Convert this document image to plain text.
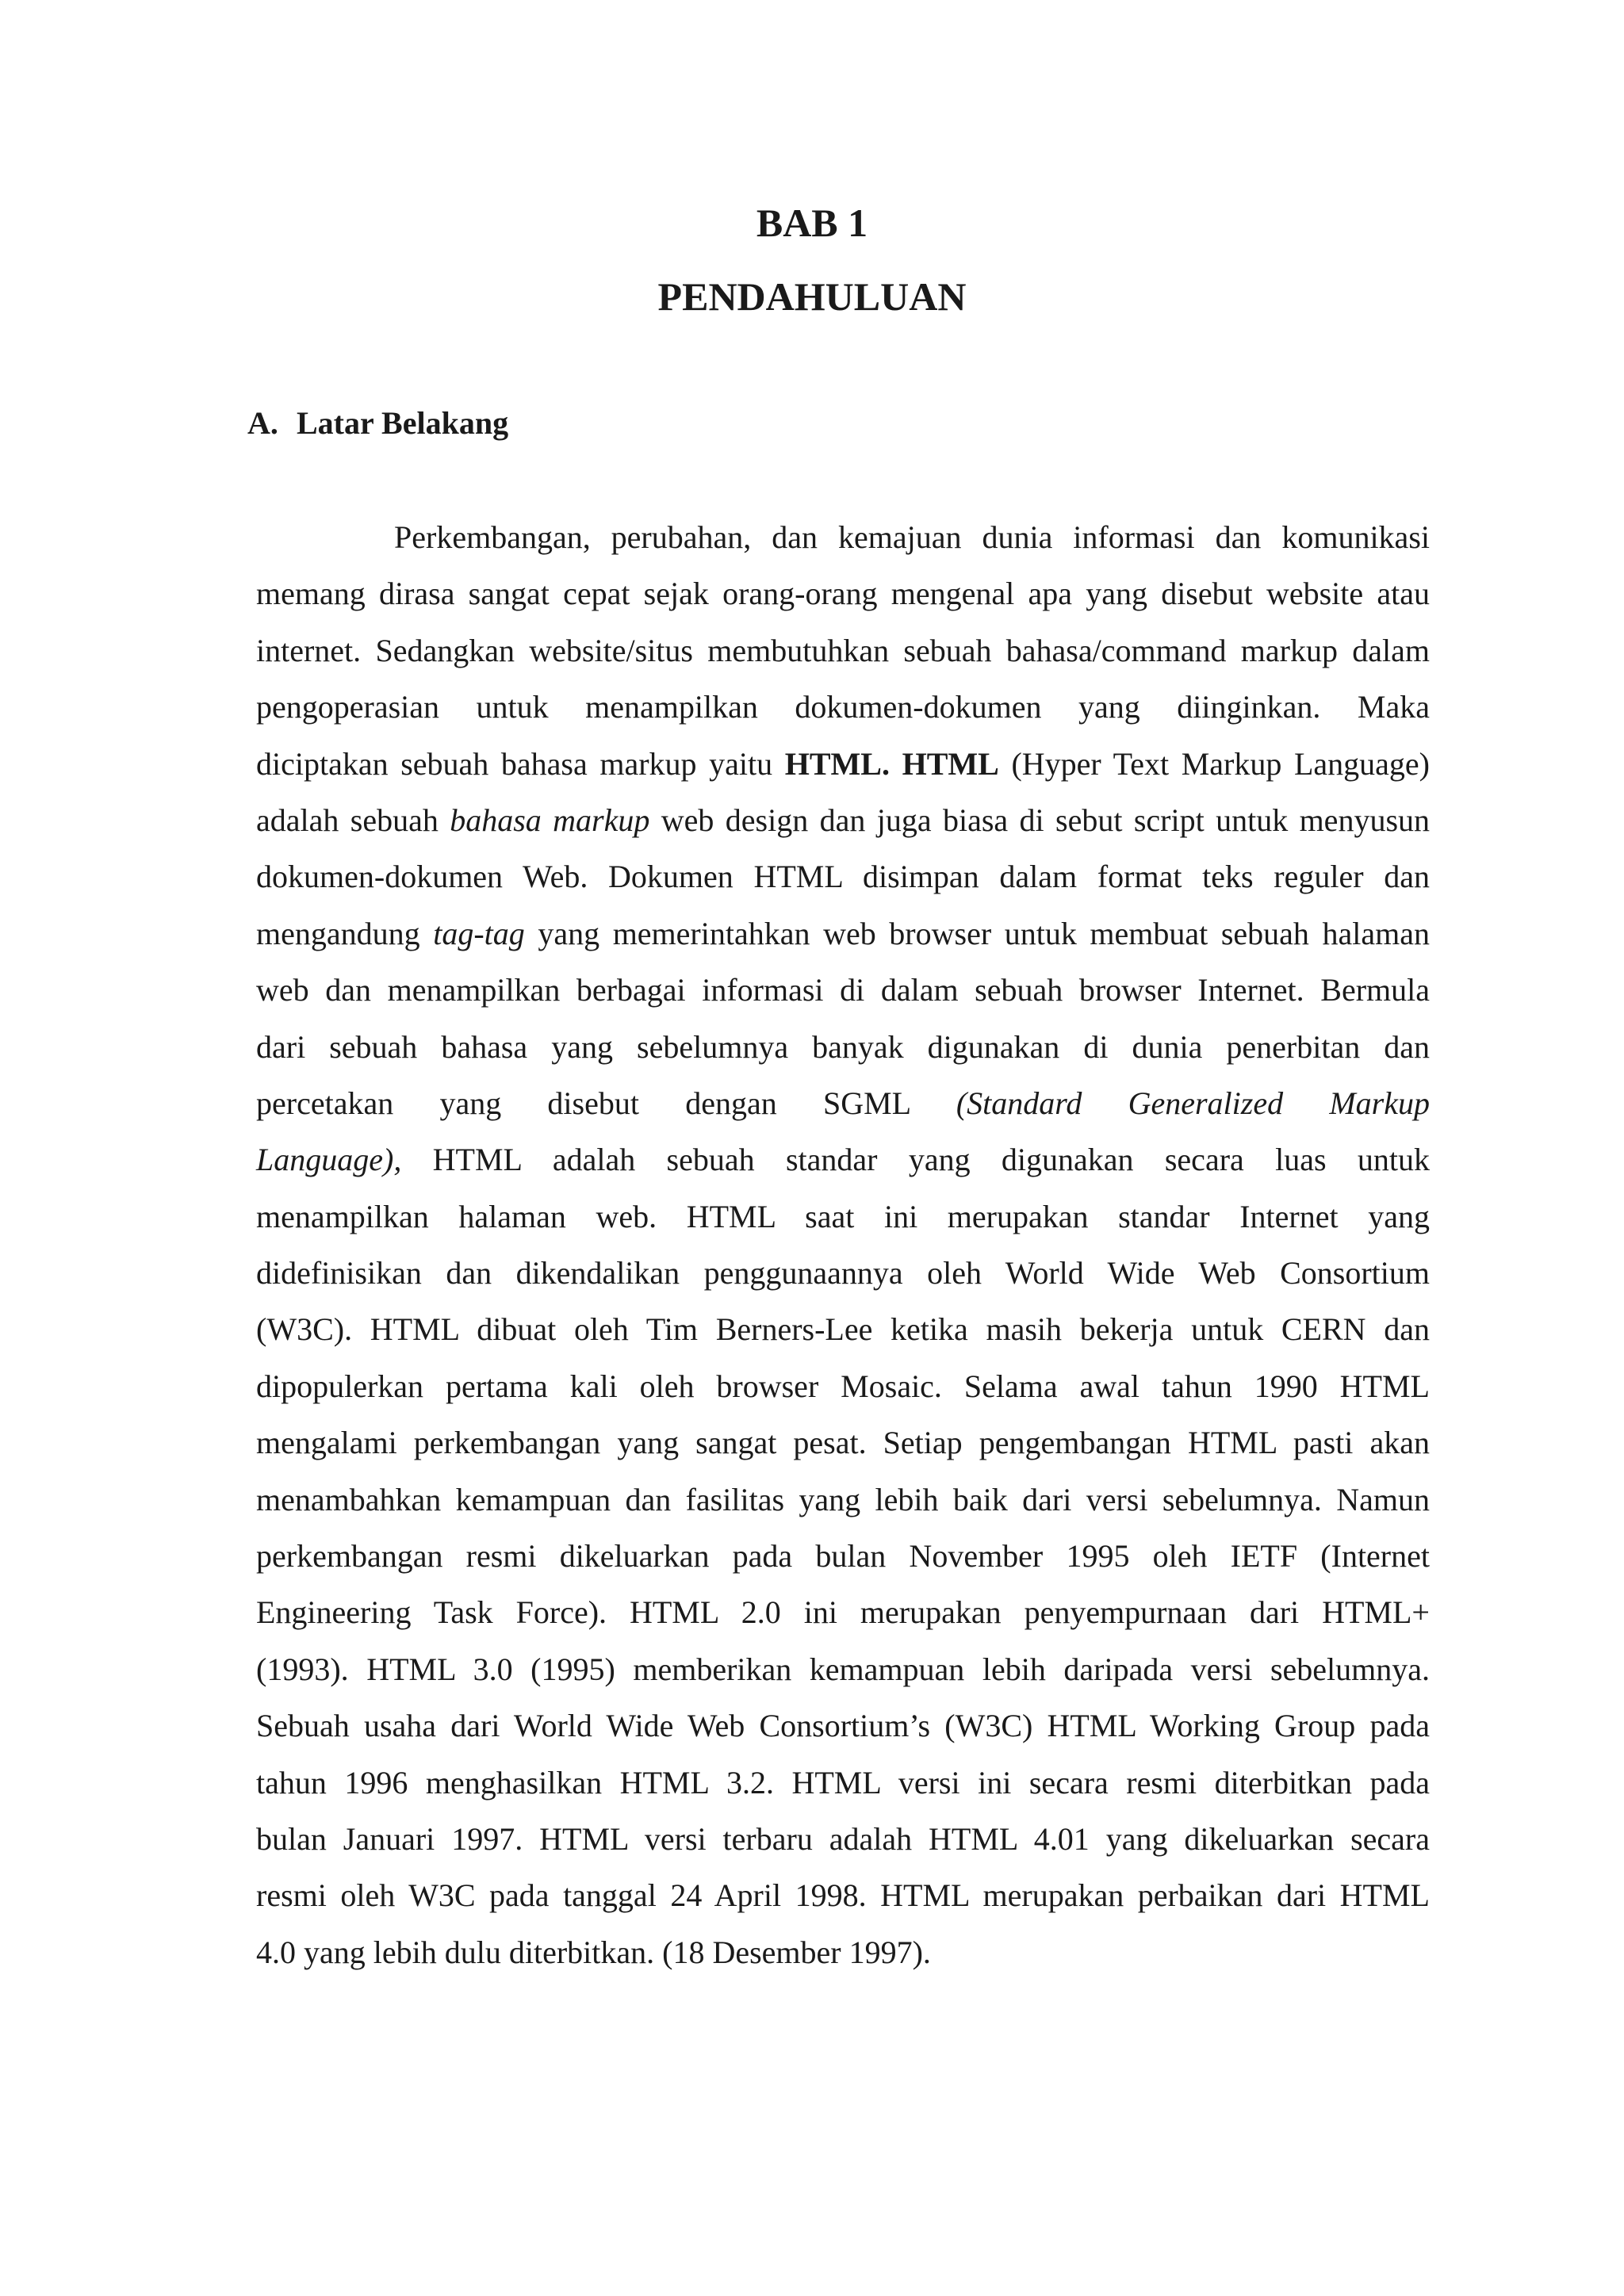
BAB 1
PENDAHULUAN
A. Latar Belakang
Perkembangan, perubahan, dan kemajuan dunia informasi dan komunikasi
memang dirasa sangat cepat sejak orang-orang mengenal apa yang disebut website atau
internet. Sedangkan website/situs membutuhkan sebuah bahasa/command markup dalam
pengoperasian untuk menampilkan dokumen-dokumen yang diinginkan. Maka
diciptakan sebuah bahasa markup yaitu HTML. HTML (Hyper Text Markup Language)
adalah sebuah bahasa markup web design dan juga biasa di sebut script untuk menyusun
dokumen-dokumen Web. Dokumen HTML disimpan dalam format teks reguler dan
mengandung tag-tag yang memerintahkan web browser untuk membuat sebuah halaman
web dan menampilkan berbagai informasi di dalam sebuah browser Internet. Bermula
dari sebuah bahasa yang sebelumnya banyak digunakan di dunia penerbitan dan
percetakan yang disebut dengan SGML (Standard Generalized Markup
Language), HTML adalah sebuah standar yang digunakan secara luas untuk
menampilkan halaman web. HTML saat ini merupakan standar Internet yang
didefinisikan dan dikendalikan penggunaannya oleh World Wide Web Consortium
(W3C). HTML dibuat oleh Tim Berners-Lee ketika masih bekerja untuk CERN dan
dipopulerkan pertama kali oleh browser Mosaic. Selama awal tahun 1990 HTML
mengalami perkembangan yang sangat pesat. Setiap pengembangan HTML pasti akan
menambahkan kemampuan dan fasilitas yang lebih baik dari versi sebelumnya. Namun
perkembangan resmi dikeluarkan pada bulan November 1995 oleh IETF (Internet
Engineering Task Force). HTML 2.0 ini merupakan penyempurnaan dari HTML+
(1993). HTML 3.0 (1995) memberikan kemampuan lebih daripada versi sebelumnya.
Sebuah usaha dari World Wide Web Consortium’s (W3C) HTML Working Group pada
tahun 1996 menghasilkan HTML 3.2. HTML versi ini secara resmi diterbitkan pada
bulan Januari 1997. HTML versi terbaru adalah HTML 4.01 yang dikeluarkan secara
resmi oleh W3C pada tanggal 24 April 1998. HTML merupakan perbaikan dari HTML
4.0 yang lebih dulu diterbitkan. (18 Desember 1997).
